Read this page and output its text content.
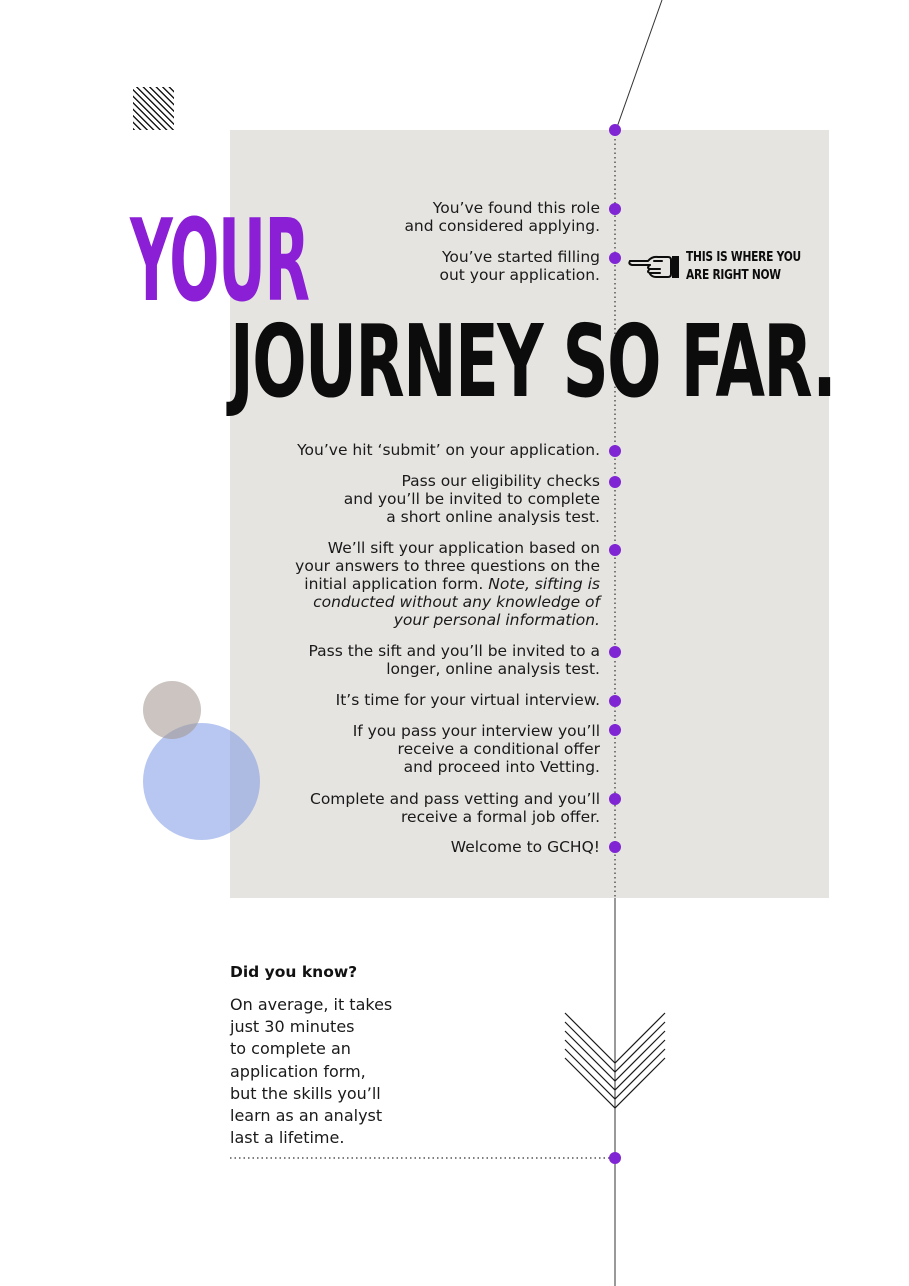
YOUR
JOURNEY SO FAR.
You’ve found this role
and considered applying.
You’ve started filling
out your application.
You’ve hit ‘submit’ on your application.
Pass our eligibility checks
and you’ll be invited to complete
a short online analysis test.
We’ll sift your application based on
your answers to three questions on the
initial application form. Note, sifting is
conducted without any knowledge of
your personal information.
Pass the sift and you’ll be invited to a
longer, online analysis test.
It’s time for your virtual interview.
If you pass your interview you’ll
receive a conditional offer
and proceed into Vetting.
Complete and pass vetting and you’ll
receive a formal job offer.
Welcome to GCHQ!
THIS IS WHERE YOU
ARE RIGHT NOW
Did you know?
On average, it takes
just 30 minutes
to complete an
application form,
but the skills you’ll
learn as an analyst
last a lifetime.
